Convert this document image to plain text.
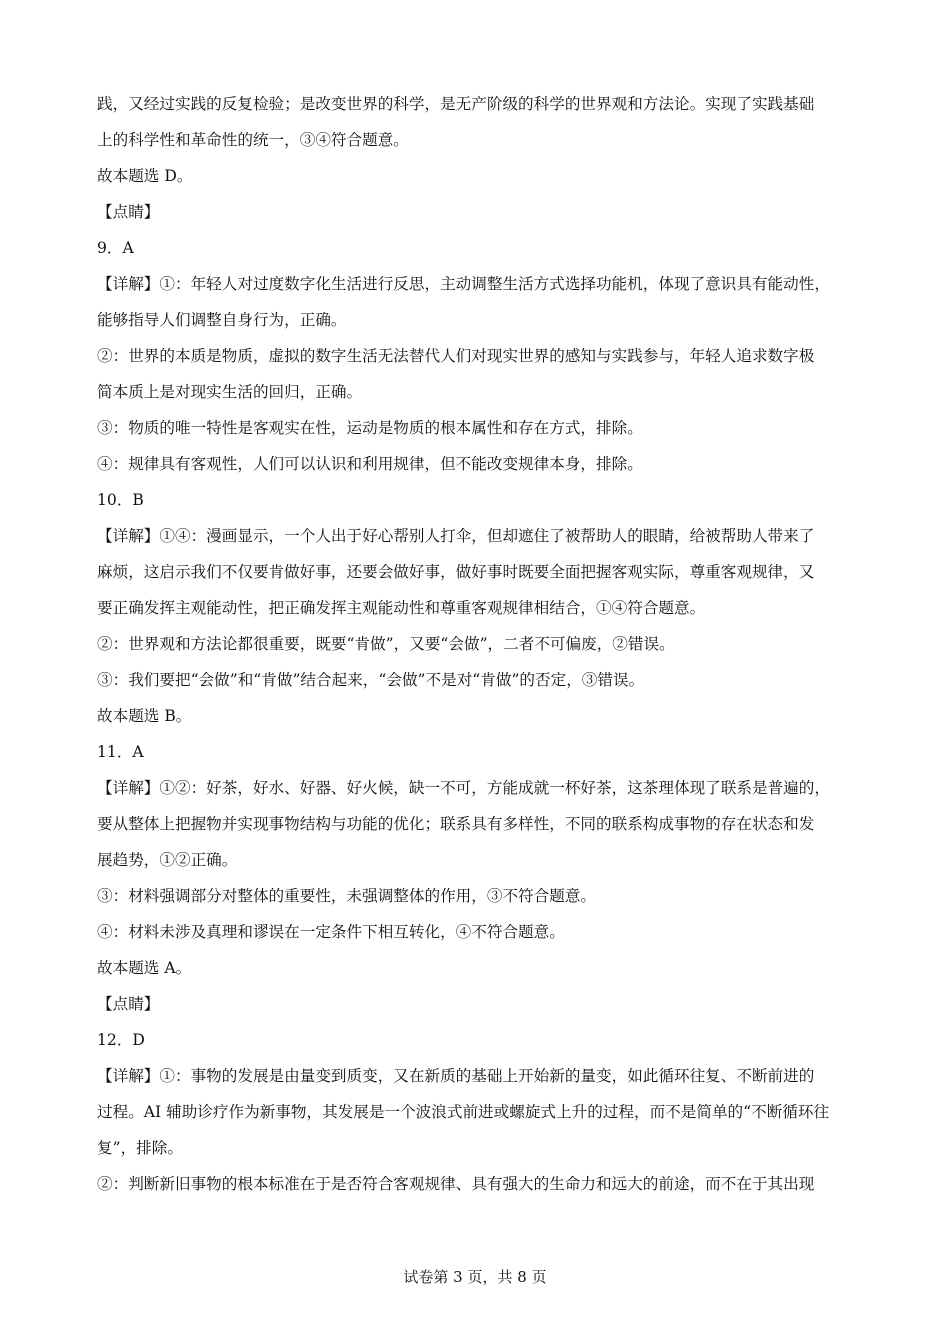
践，又经过实践的反复检验；是改变世界的科学，是无产阶级的科学的世界观和方法论。实现了实践基础
上的科学性和革命性的统一，③④符合题意。
故本题选 D。
【点睛】
9．A
【详解】①：年轻人对过度数字化生活进行反思，主动调整生活方式选择功能机，体现了意识具有能动性，
能够指导人们调整自身行为，正确。
②：世界的本质是物质，虚拟的数字生活无法替代人们对现实世界的感知与实践参与，年轻人追求数字极
简本质上是对现实生活的回归，正确。
③：物质的唯一特性是客观实在性，运动是物质的根本属性和存在方式，排除。
④：规律具有客观性，人们可以认识和利用规律，但不能改变规律本身，排除。
10．B
【详解】①④：漫画显示，一个人出于好心帮别人打伞，但却遮住了被帮助人的眼睛，给被帮助人带来了
麻烦，这启示我们不仅要肯做好事，还要会做好事，做好事时既要全面把握客观实际，尊重客观规律，又
要正确发挥主观能动性，把正确发挥主观能动性和尊重客观规律相结合，①④符合题意。
②：世界观和方法论都很重要，既要“肯做”，又要“会做”，二者不可偏废，②错误。
③：我们要把“会做”和“肯做”结合起来，“会做”不是对“肯做”的否定，③错误。
故本题选 B。
11．A
【详解】①②：好茶，好水、好器、好火候，缺一不可，方能成就一杯好茶，这茶理体现了联系是普遍的，
要从整体上把握物并实现事物结构与功能的优化；联系具有多样性，不同的联系构成事物的存在状态和发
展趋势，①②正确。
③：材料强调部分对整体的重要性，未强调整体的作用，③不符合题意。
④：材料未涉及真理和谬误在一定条件下相互转化，④不符合题意。
故本题选 A。
【点睛】
12．D
【详解】①：事物的发展是由量变到质变，又在新质的基础上开始新的量变，如此循环往复、不断前进的
过程。AI 辅助诊疗作为新事物，其发展是一个波浪式前进或螺旋式上升的过程，而不是简单的“不断循环往
复”，排除。
②：判断新旧事物的根本标准在于是否符合客观规律、具有强大的生命力和远大的前途，而不在于其出现
试卷第 3 页，共 8 页
